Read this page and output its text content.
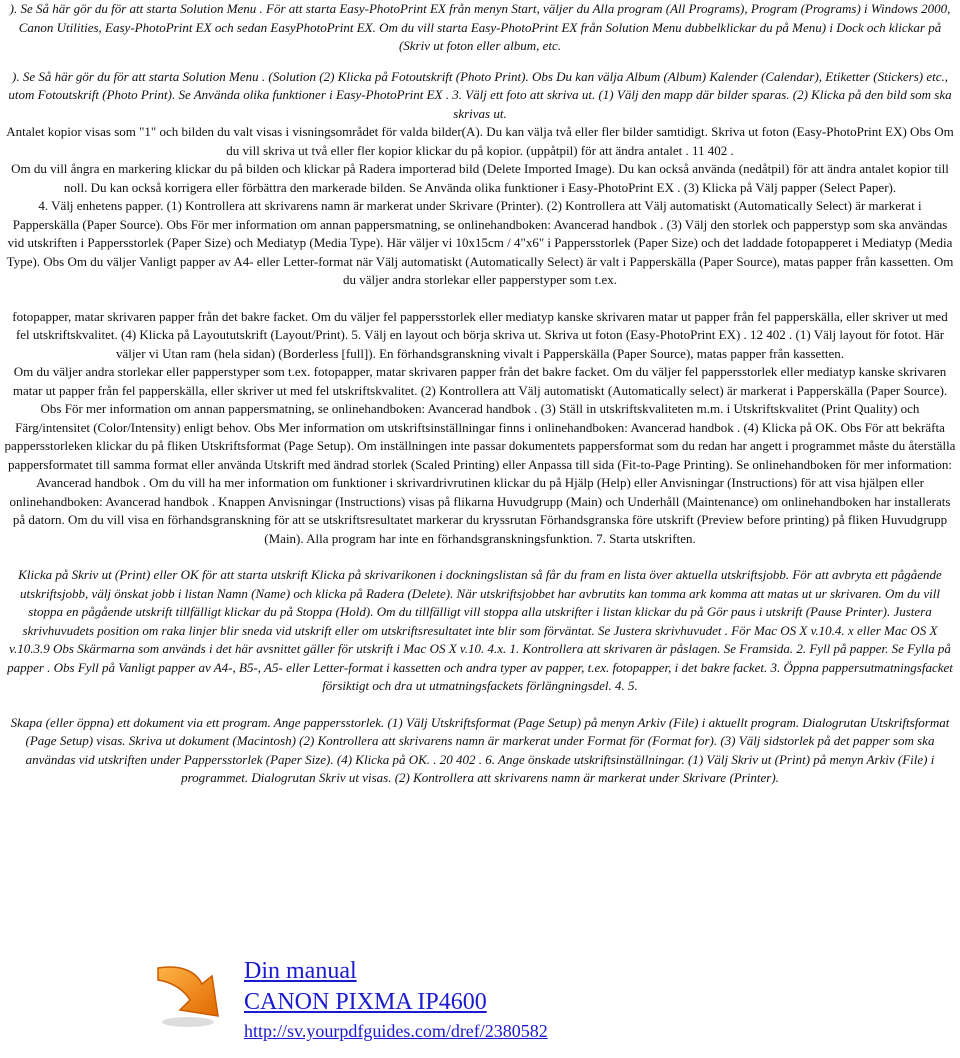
). Se Så här gör du för att starta Solution Menu . För att starta Easy-PhotoPrint EX från menyn Start, väljer du Alla program (All Programs), Program (Programs) i Windows 2000, Canon Utilities, Easy-PhotoPrint EX och sedan EasyPhotoPrint EX. Om du vill starta Easy-PhotoPrint EX från Solution Menu dubbelklickar du på Menu) i Dock och klickar på (Skriv ut foton eller album, etc.

). Se Så här gör du för att starta Solution Menu . (Solution (2) Klicka på Fotoutskrift (Photo Print). Obs Du kan välja Album (Album) Kalender (Calendar), Etiketter (Stickers) etc., utom Fotoutskrift (Photo Print). Se Använda olika funktioner i Easy-PhotoPrint EX . 3. Välj ett foto att skriva ut. (1) Välj den mapp där bilder sparas. (2) Klicka på den bild som ska skrivas ut.

Antalet kopior visas som "1" och bilden du valt visas i visningsområdet för valda bilder(A). Du kan välja två eller fler bilder samtidigt. Skriva ut foton (Easy-PhotoPrint EX) Obs Om du vill skriva ut två eller fler kopior klickar du på kopior. (uppåtpil) för att ändra antalet . 11 402 .

Om du vill ångra en markering klickar du på bilden och klickar på Radera importerad bild (Delete Imported Image). Du kan också använda (nedåtpil) för att ändra antalet kopior till noll. Du kan också korrigera eller förbättra den markerade bilden. Se Använda olika funktioner i Easy-PhotoPrint EX . (3) Klicka på Välj papper (Select Paper).

4. Välj enhetens papper. (1) Kontrollera att skrivarens namn är markerat under Skrivare (Printer). (2) Kontrollera att Välj automatiskt (Automatically Select) är markerat i Papperskälla (Paper Source). Obs För mer information om annan pappersmatning, se onlinehandboken: Avancerad handbok . (3) Välj den storlek och papperstyp som ska användas vid utskriften i Pappersstorlek (Paper Size) och Mediatyp (Media Type). Här väljer vi 10x15cm / 4"x6" i Pappersstorlek (Paper Size) och det laddade fotopapperet i Mediatyp (Media Type). Obs Om du väljer Vanligt papper av A4- eller Letter-format när Välj automatiskt (Automatically Select) är valt i Papperskälla (Paper Source), matas papper från kassetten. Om du väljer andra storlekar eller papperstyper som t.ex.

fotopapper, matar skrivaren papper från det bakre facket. Om du väljer fel pappersstorlek eller mediatyp kanske skrivaren matar ut papper från fel papperskälla, eller skriver ut med fel utskriftskvalitet. (4) Klicka på Layoututskrift (Layout/Print). 5. Välj en layout och börja skriva ut. Skriva ut foton (Easy-PhotoPrint EX) . 12 402 . (1) Välj layout för fotot. Här väljer vi Utan ram (hela sidan) (Borderless [full]). En förhandsgranskning vivalt i Papperskälla (Paper Source), matas papper från kassetten.

Om du väljer andra storlekar eller papperstyper som t.ex. fotopapper, matar skrivaren papper från det bakre facket. Om du väljer fel pappersstorlek eller mediatyp kanske skrivaren matar ut papper från fel papperskälla, eller skriver ut med fel utskriftskvalitet. (2) Kontrollera att Välj automatiskt (Automatically select) är markerat i Papperskälla (Paper Source).

Obs För mer information om annan pappersmatning, se onlinehandboken: Avancerad handbok . (3) Ställ in utskriftskvaliteten m.m. i Utskriftskvalitet (Print Quality) och Färg/intensitet (Color/Intensity) enligt behov. Obs Mer information om utskriftsinställningar finns i onlinehandboken: Avancerad handbok . (4) Klicka på OK. Obs För att bekräfta pappersstorleken klickar du på fliken Utskriftsformat (Page Setup). Om inställningen inte passar dokumentets pappersformat som du redan har angett i programmet måste du återställa pappersformatet till samma format eller använda Utskrift med ändrad storlek (Scaled Printing) eller Anpassa till sida (Fit-to-Page Printing). Se onlinehandboken för mer information: Avancerad handbok . Om du vill ha mer information om funktioner i skrivardrivrutinen klickar du på Hjälp (Help) eller Anvisningar (Instructions) för att visa hjälpen eller onlinehandboken: Avancerad handbok . Knappen Anvisningar (Instructions) visas på flikarna Huvudgrupp (Main) och Underhåll (Maintenance) om onlinehandboken har installerats på datorn. Om du vill visa en förhandsgranskning för att se utskriftsresultatet markerar du kryssrutan Förhandsgranska före utskrift (Preview before printing) på fliken Huvudgrupp (Main). Alla program har inte en förhandsgranskningsfunktion. 7. Starta utskriften.

Klicka på Skriv ut (Print) eller OK för att starta utskrift Klicka på skrivarikonen i dockningslistan så får du fram en lista över aktuella utskriftsjobb. För att avbryta ett pågående utskriftsjobb, välj önskat jobb i listan Namn (Name) och klicka på Radera (Delete). När utskriftsjobbet har avbrutits kan tomma ark komma att matas ut ur skrivaren. Om du vill stoppa en pågående utskrift tillfälligt klickar du på Stoppa (Hold). Om du tillfälligt vill stoppa alla utskrifter i listan klickar du på Gör paus i utskrift (Pause Printer). Justera skrivhuvudets position om raka linjer blir sneda vid utskrift eller om utskriftsresultatet inte blir som förväntat. Se Justera skrivhuvudet . För Mac OS X v.10.4. x eller Mac OS X v.10.3.9 Obs Skärmarna som används i det här avsnittet gäller för utskrift i Mac OS X v.10. 4.x. 1. Kontrollera att skrivaren är påslagen. Se Framsida. 2. Fyll på papper. Se Fylla på papper . Obs Fyll på Vanligt papper av A4-, B5-, A5- eller Letter-format i kassetten och andra typer av papper, t.ex. fotopapper, i det bakre facket. 3. Öppna pappersutmatningsfacket försiktigt och dra ut utmatningsfackets förlängningsdel. 4. 5.

Skapa (eller öppna) ett dokument via ett program. Ange pappersstorlek. (1) Välj Utskriftsformat (Page Setup) på menyn Arkiv (File) i aktuellt program. Dialogrutan Utskriftsformat (Page Setup) visas. Skriva ut dokument (Macintosh) (2) Kontrollera att skrivarens namn är markerat under Format för (Format for). (3) Välj sidstorlek på det papper som ska användas vid utskriften under Pappersstorlek (Paper Size). (4) Klicka på OK. . 20 402 . 6. Ange önskade utskriftsinställningar. (1) Välj Skriv ut (Print) på menyn Arkiv (File) i programmet. Dialogrutan Skriv ut visas. (2) Kontrollera att skrivarens namn är markerat under Skrivare (Printer).

Din manual
CANON PIXMA IP4600
http://sv.yourpdfguides.com/dref/2380582
